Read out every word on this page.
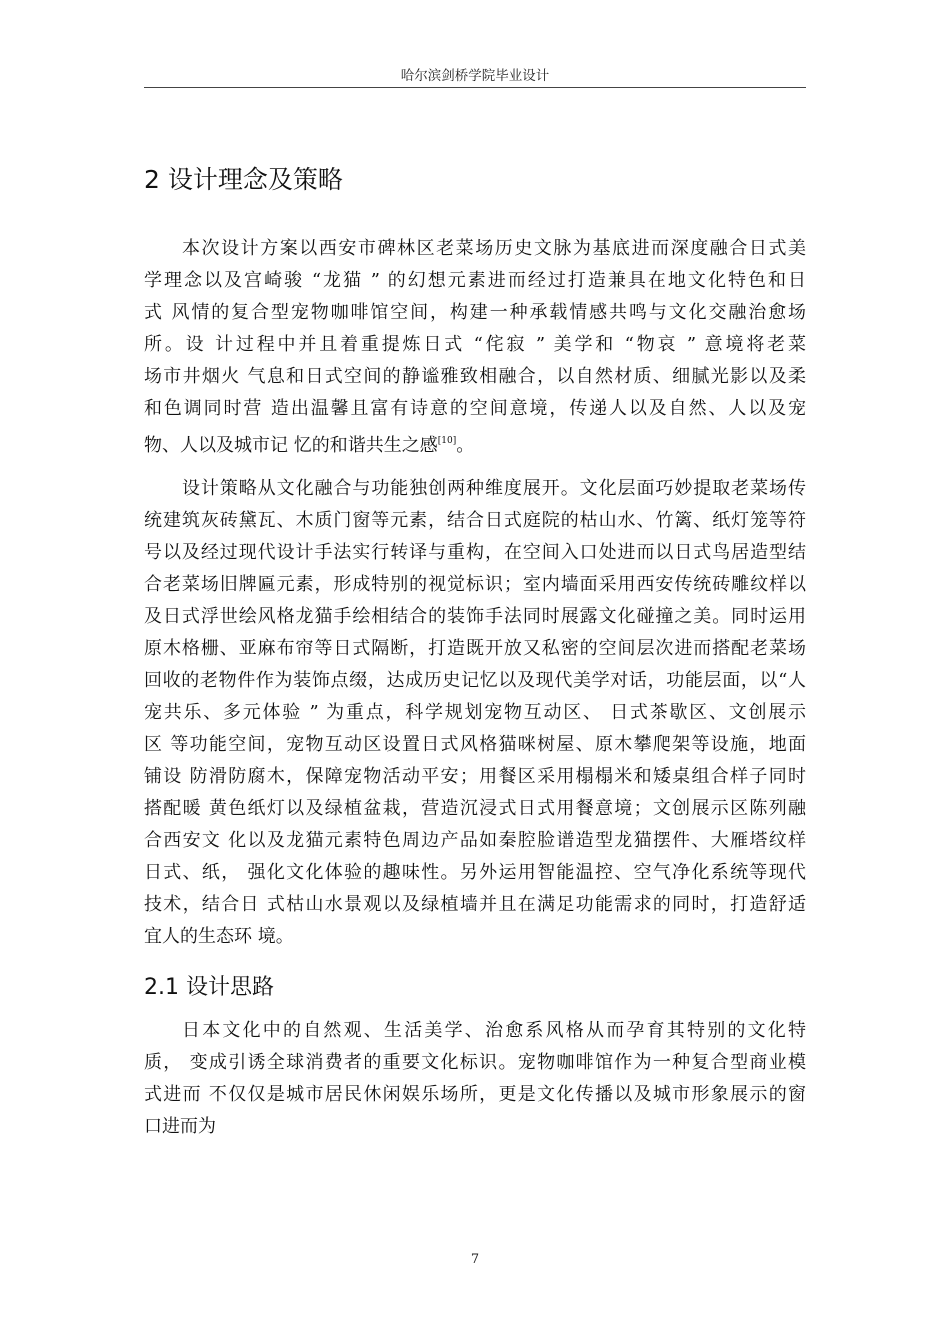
哈尔滨剑桥学院毕业设计
2 设计理念及策略
本次设计方案以西安市碑林区老菜场历史文脉为基底进而深度融合日式美
学理念以及宫崎骏 “龙猫 ” 的幻想元素进而经过打造兼具在地文化特色和日
式 风情的复合型宠物咖啡馆空间，构建一种承载情感共鸣与文化交融治愈场
所。设 计过程中并且着重提炼日式 “侘寂 ” 美学和 “物哀 ” 意境将老菜
场市井烟火 气息和日式空间的静谧雅致相融合，以自然材质、细腻光影以及柔
和色调同时营 造出温馨且富有诗意的空间意境，传递人以及自然、人以及宠
物、人以及城市记 忆的和谐共生之感[10]。
设计策略从文化融合与功能独创两种维度展开。文化层面巧妙提取老菜场传
统建筑灰砖黛瓦、木质门窗等元素，结合日式庭院的枯山水、竹篱、纸灯笼等符
号以及经过现代设计手法实行转译与重构，在空间入口处进而以日式鸟居造型结
合老菜场旧牌匾元素，形成特别的视觉标识；室内墙面采用西安传统砖雕纹样以
及日式浮世绘风格龙猫手绘相结合的装饰手法同时展露文化碰撞之美。同时运用
原木格栅、亚麻布帘等日式隔断，打造既开放又私密的空间层次进而搭配老菜场
回收的老物件作为装饰点缀，达成历史记忆以及现代美学对话，功能层面，以“人
宠共乐、多元体验 ” 为重点，科学规划宠物互动区、 日式茶歇区、文创展示
区 等功能空间，宠物互动区设置日式风格猫咪树屋、原木攀爬架等设施，地面
铺设 防滑防腐木，保障宠物活动平安；用餐区采用榻榻米和矮桌组合样子同时
搭配暖 黄色纸灯以及绿植盆栽，营造沉浸式日式用餐意境；文创展示区陈列融
合西安文 化以及龙猫元素特色周边产品如秦腔脸谱造型龙猫摆件、大雁塔纹样
日式、纸， 强化文化体验的趣味性。另外运用智能温控、空气净化系统等现代
技术，结合日 式枯山水景观以及绿植墙并且在满足功能需求的同时，打造舒适
宜人的生态环 境。
2.1 设计思路
日本文化中的自然观、生活美学、治愈系风格从而孕育其特别的文化特
质， 变成引诱全球消费者的重要文化标识。宠物咖啡馆作为一种复合型商业模
式进而 不仅仅是城市居民休闲娱乐场所，更是文化传播以及城市形象展示的窗
口进而为
7
